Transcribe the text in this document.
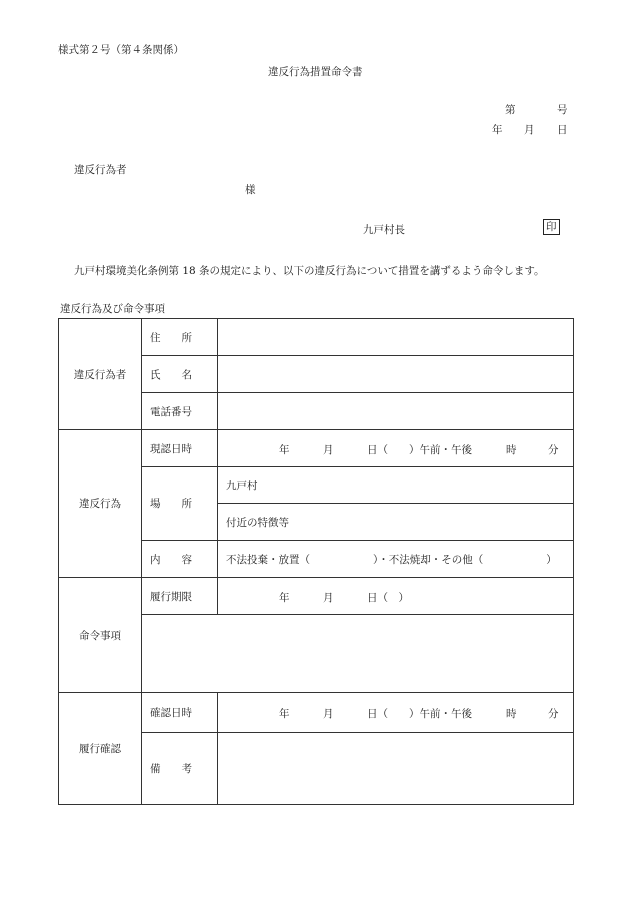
様式第２号（第４条関係）
違反行為措置命令書
第	号
年 月 日
違反行為者
様
九戸村長	印
九戸村環境美化条例第 18 条の規定により、以下の違反行為について措置を講ずるよう命令します。
違反行為及び命令事項
違反行為者	住　　所	
	氏　　名	
	電話番号	
違反行為	現認日時	年 月 日（　　）午前・午後 時 分

	場　　所	九戸村
		付近の特徴等
	内　　容	不法投棄・放置（　　　　　　）・不法焼却・その他（　　　　　　）
命令事項	履行期限	年 月 日（　）

履行確認	確認日時	年 月 日（　　）午前・午後 時 分

	備　　考	
